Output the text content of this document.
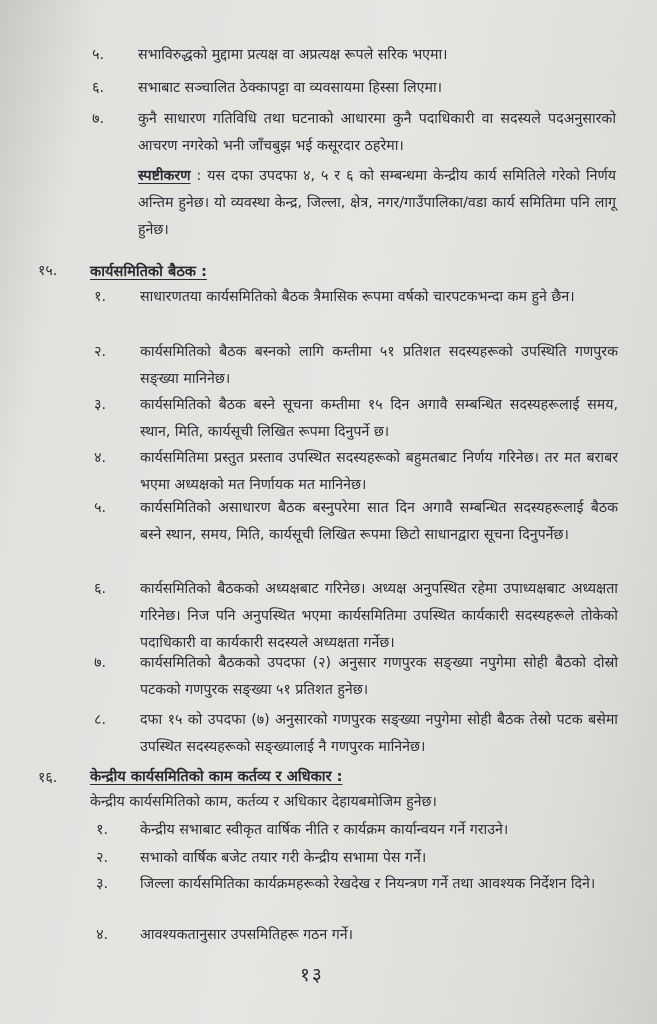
५. सभाविरुद्धको मुद्दामा प्रत्यक्ष वा अप्रत्यक्ष रूपले सरिक भएमा।
६. सभाबाट सञ्चालित ठेक्कापट्टा वा व्यवसायमा हिस्सा लिएमा।
७. कुनै साधारण गतिविधि तथा घटनाको आधारमा कुनै पदाधिकारी वा सदस्यले पदअनुसारको आचरण नगरेको भनी जाँचबुझ भई कसूरदार ठहरेमा।
स्पष्टीकरण : यस दफा उपदफा ४, ५ र ६ को सम्बन्धमा केन्द्रीय कार्य समितिले गरेको निर्णय अन्तिम हुनेछ। यो व्यवस्था केन्द्र, जिल्ला, क्षेत्र, नगर/गाउँपालिका/वडा कार्य समितिमा पनि लागू हुनेछ।
१५. कार्यसमितिको बैठक :
१. साधारणतया कार्यसमितिको बैठक त्रैमासिक रूपमा वर्षको चारपटकभन्दा कम हुने छैन।
२. कार्यसमितिको बैठक बस्नको लागि कम्तीमा ५१ प्रतिशत सदस्यहरूको उपस्थिति गणपुरक सङ्ख्या मानिनेछ।
३. कार्यसमितिको बैठक बस्ने सूचना कम्तीमा १५ दिन अगावै सम्बन्धित सदस्यहरूलाई समय, स्थान, मिति, कार्यसूची लिखित रूपमा दिनुपर्ने छ।
४. कार्यसमितिमा प्रस्तुत प्रस्ताव उपस्थित सदस्यहरूको बहुमतबाट निर्णय गरिनेछ। तर मत बराबर भएमा अध्यक्षको मत निर्णायक मत मानिनेछ।
५. कार्यसमितिको असाधारण बैठक बस्नुपरेमा सात दिन अगावै सम्बन्धित सदस्यहरूलाई बैठक बस्ने स्थान, समय, मिति, कार्यसूची लिखित रूपमा छिटो साधानद्वारा सूचना दिनुपर्नेछ।
६. कार्यसमितिको बैठकको अध्यक्षबाट गरिनेछ। अध्यक्ष अनुपस्थित रहेमा उपाध्यक्षबाट अध्यक्षता गरिनेछ। निज पनि अनुपस्थित भएमा कार्यसमितिमा उपस्थित कार्यकारी सदस्यहरूले तोकेको पदाधिकारी वा कार्यकारी सदस्यले अध्यक्षता गर्नेछ।
७. कार्यसमितिको बैठकको उपदफा (२) अनुसार गणपुरक सङ्ख्या नपुगेमा सोही बैठको दोस्रो पटकको गणपुरक सङ्ख्या ५१ प्रतिशत हुनेछ।
८. दफा १५ को उपदफा (७) अनुसारको गणपुरक सङ्ख्या नपुगेमा सोही बैठक तेस्रो पटक बसेमा उपस्थित सदस्यहरूको सङ्ख्यालाई नै गणपुरक मानिनेछ।
१६. केन्द्रीय कार्यसमितिको काम कर्तव्य र अधिकार :
केन्द्रीय कार्यसमितिको काम, कर्तव्य र अधिकार देहायबमोजिम हुनेछ।
१. केन्द्रीय सभाबाट स्वीकृत वार्षिक नीति र कार्यक्रम कार्यान्वयन गर्ने गराउने।
२. सभाको वार्षिक बजेट तयार गरी केन्द्रीय सभामा पेस गर्ने।
३. जिल्ला कार्यसमितिका कार्यक्रमहरूको रेखदेख र नियन्त्रण गर्ने तथा आवश्यक निर्देशन दिने।
४. आवश्यकतानुसार उपसमितिहरू गठन गर्ने।
१३
